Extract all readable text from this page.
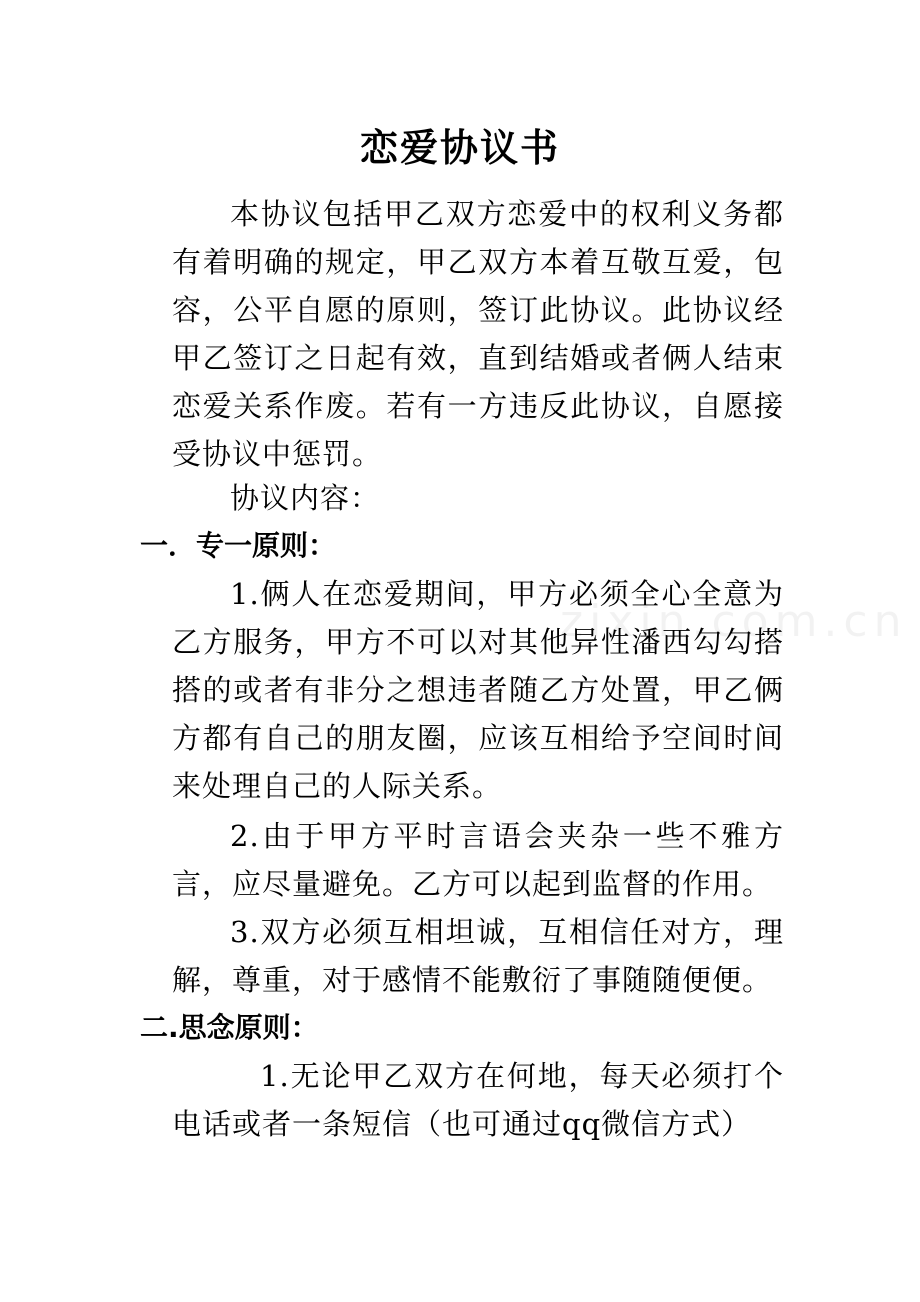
恋爱协议书

本协议包括甲乙双方恋爱中的权利义务都有着明确的规定，甲乙双方本着互敬互爱，包容，公平自愿的原则，签订此协议。此协议经甲乙签订之日起有效，直到结婚或者俩人结束恋爱关系作废。若有一方违反此协议，自愿接受协议中惩罚。

协议内容：

一．专一原则：

1.俩人在恋爱期间，甲方必须全心全意为乙方服务，甲方不可以对其他异性潘西勾勾搭搭的或者有非分之想违者随乙方处置，甲乙俩方都有自己的朋友圈，应该互相给予空间时间来处理自己的人际关系。

2.由于甲方平时言语会夹杂一些不雅方言，应尽量避免。乙方可以起到监督的作用。

3.双方必须互相坦诚，互相信任对方，理解，尊重，对于感情不能敷衍了事随随便便。

二.思念原则：

1.无论甲乙双方在何地，每天必须打个电话或者一条短信（也可通过qq微信方式）

zixin.com.cn
